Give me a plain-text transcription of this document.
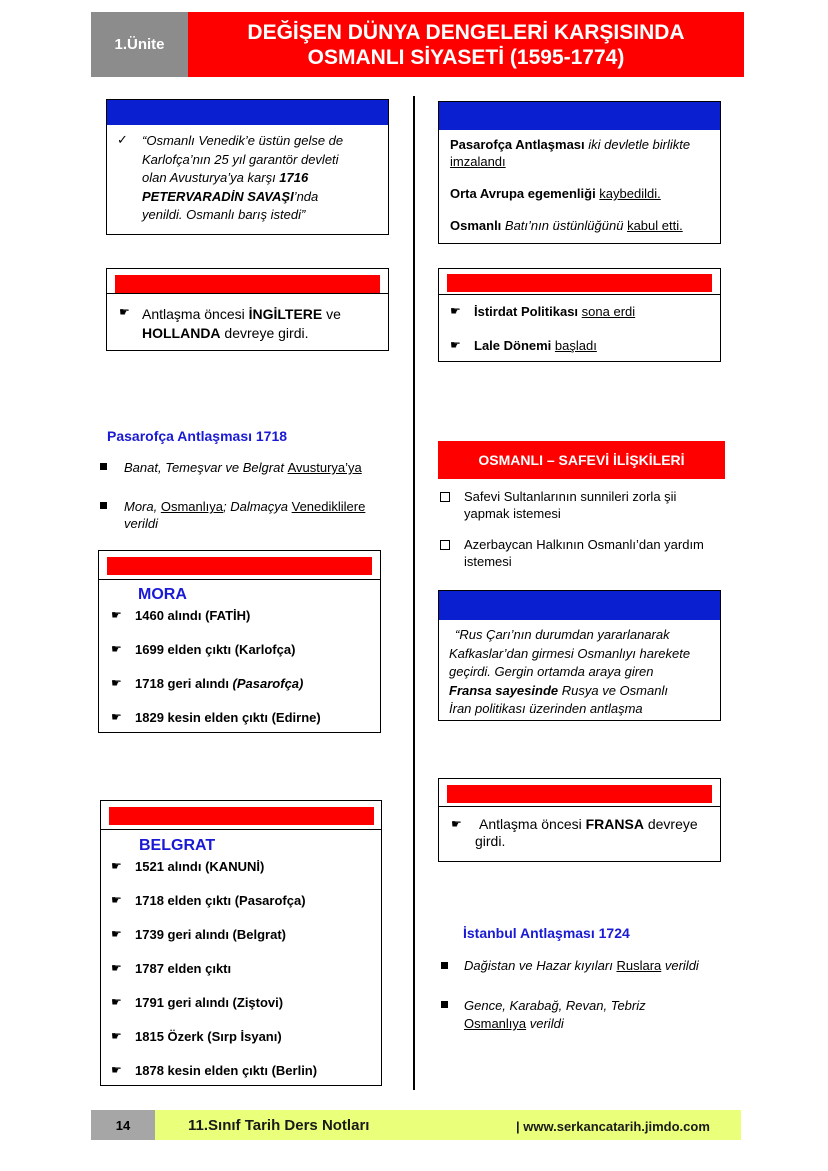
1.Ünite
DEĞİŞEN DÜNYA DENGELERİ KARŞISINDA
OSMANLI SİYASETİ (1595-1774)
✓ “Osmanlı Venedik’e üstün gelse de
Karlofça’nın 25 yıl garantör devleti
olan Avusturya’ya karşı 1716
PETERVARADİN SAVAŞI’nda
yenildi. Osmanlı barış istedi”
☛ Antlaşma öncesi İNGİLTERE ve
HOLLANDA devreye girdi.
Pasarofça Antlaşması 1718
Banat, Temeşvar ve Belgrat Avusturya’ya
Mora, Osmanlıya; Dalmaçya Venediklilere
verildi
MORA
☛ 1460 alındı (FATİH)
☛ 1699 elden çıktı (Karlofça)
☛ 1718 geri alındı (Pasarofça)
☛ 1829 kesin elden çıktı (Edirne)
BELGRAT
☛ 1521 alındı (KANUNİ)
☛ 1718 elden çıktı (Pasarofça)
☛ 1739 geri alındı (Belgrat)
☛ 1787 elden çıktı
☛ 1791 geri alındı (Ziştovi)
☛ 1815 Özerk (Sırp İsyanı)
☛ 1878 kesin elden çıktı (Berlin)
Pasarofça Antlaşması iki devletle birlikte
imzalandı
Orta Avrupa egemenliği kaybedildi.
Osmanlı Batı’nın üstünlüğünü kabul etti.
☛ İstirdat Politikası sona erdi
☛ Lale Dönemi başladı
OSMANLI – SAFEVİ İLİŞKİLERİ
Safevi Sultanlarının sunnileri zorla şii
yapmak istemesi
Azerbaycan Halkının Osmanlı’dan yardım
istemesi
“Rus Çarı’nın durumdan yararlanarak
Kafkaslar’dan girmesi Osmanlıyı harekete
geçirdi. Gergin ortamda araya giren
Fransa sayesinde Rusya ve Osmanlı
İran politikası üzerinden antlaşma
☛ Antlaşma öncesi FRANSA devreye
girdi.
İstanbul Antlaşması 1724
Dağistan ve Hazar kıyıları Ruslara verildi
Gence, Karabağ, Revan, Tebriz
Osmanlıya verildi
14	11.Sınıf Tarih Ders Notları	| www.serkancatarih.jimdo.com
